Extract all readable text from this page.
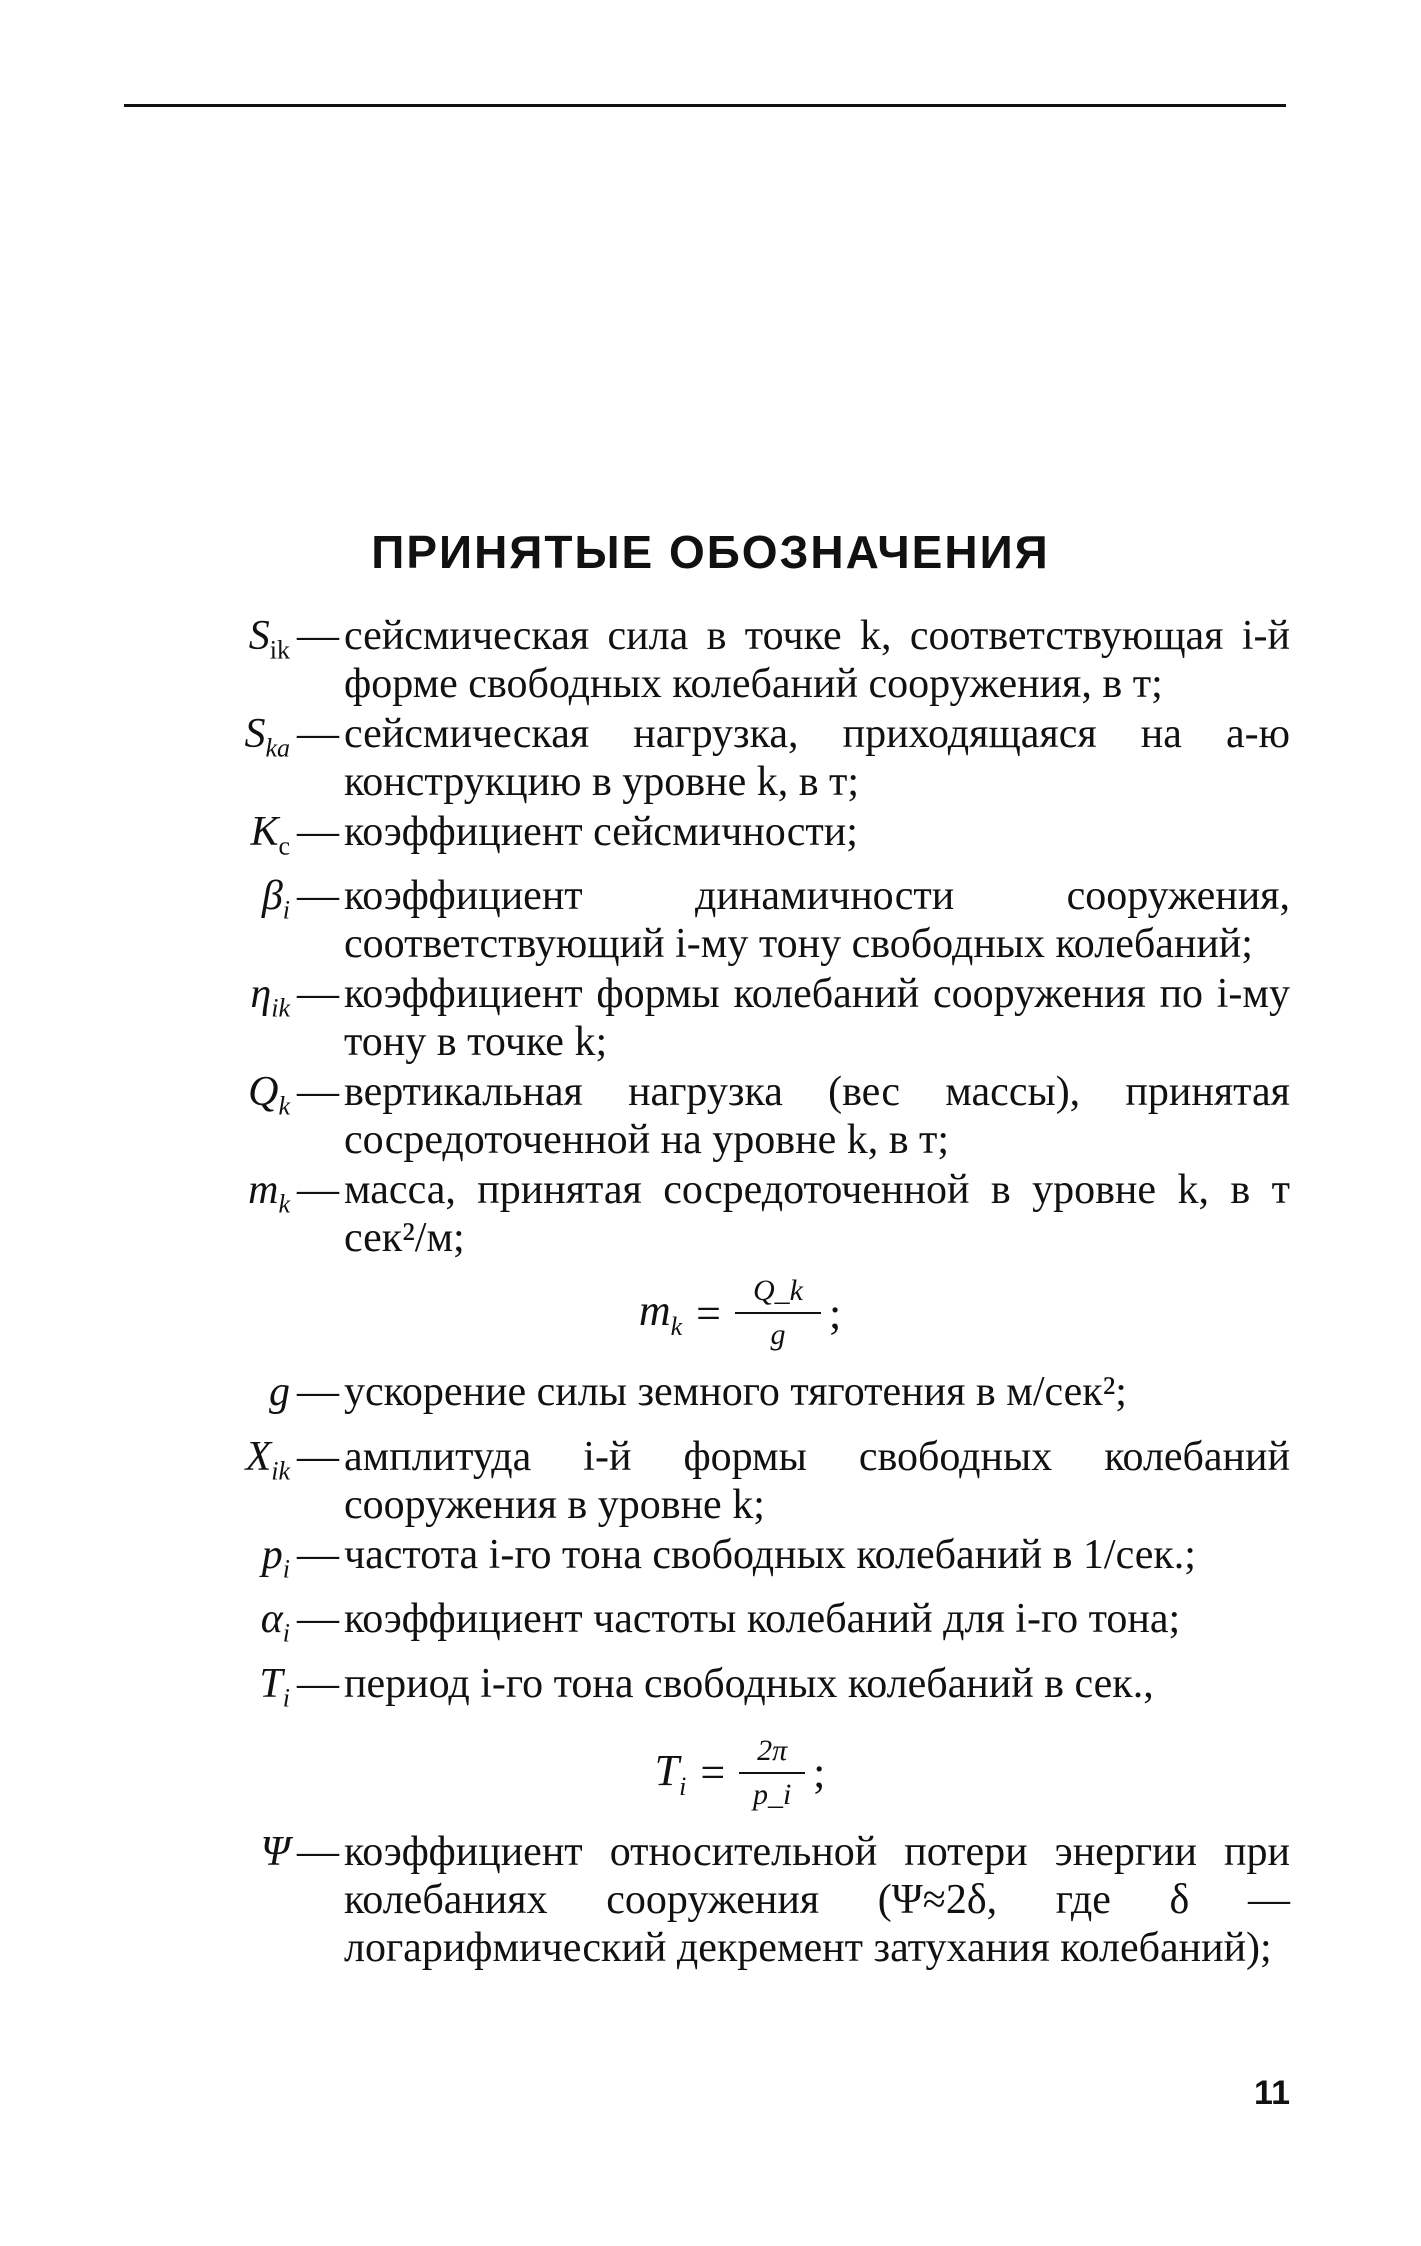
ПРИНЯТЫЕ ОБОЗНАЧЕНИЯ
$S_{ik}$ — сейсмическая сила в точке k, соответствующая i-й форме свободных колебаний сооружения, в т;
$S_{ka}$ — сейсмическая нагрузка, приходящаяся на а-ю конструкцию в уровне k, в т;
$K_c$ — коэффициент сейсмичности;
$\beta_i$ — коэффициент динамичности сооружения, соответствующий i-му тону свободных колебаний;
$\eta_{ik}$ — коэффициент формы колебаний сооружения по i-му тону в точке k;
$Q_k$ — вертикальная нагрузка (вес массы), принятая сосредоточенной на уровне k, в т;
$m_k$ — масса, принятая сосредоточенной в уровне k, в т сек²/м;
$m_k = \frac{Q\_k}{g}$ ;
g — ускорение силы земного тяготения в м/сек²;
$X_{ik}$ — амплитуда i-й формы свободных колебаний сооружения в уровне k;
$p_i$ — частота i-го тона свободных колебаний в 1/сек.;
$\alpha_i$ — коэффициент частоты колебаний для i-го тона;
$T_i$ — период i-го тона свободных колебаний в сек.,
$T_i = \frac{2\pi}{p\_i}$ ;
Ψ — коэффициент относительной потери энергии при колебаниях сооружения (Ψ≈2δ, где δ — логарифмический декремент затухания колебаний);
11
